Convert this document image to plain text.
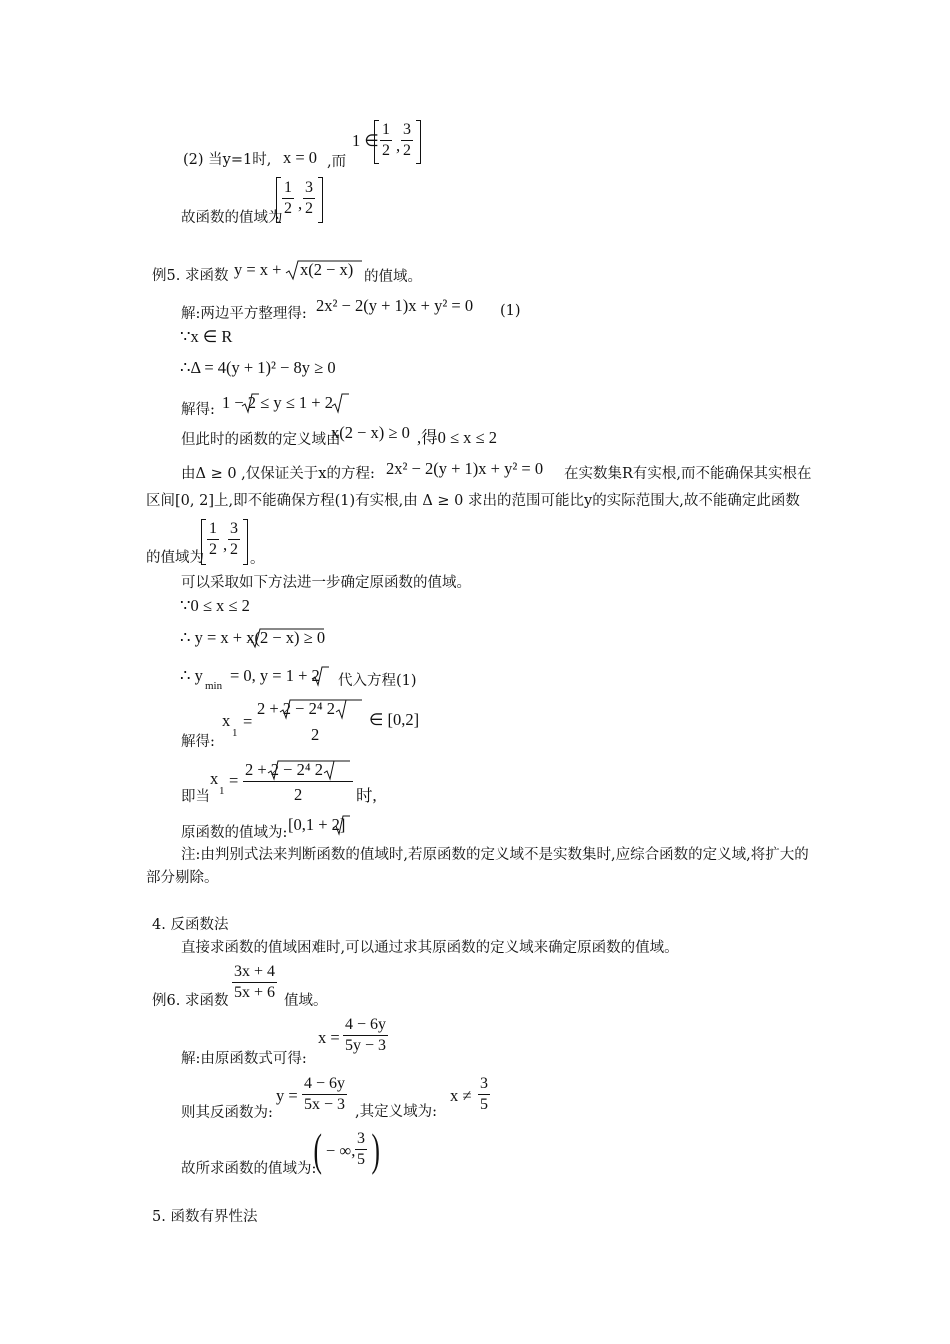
(2) 当y=1时, x = 0 ,而
1 ∈
1
2 ,
3
2
故函数的值域为
1
2 ,
3
2
例5. 求函数 y = x + x(2 − x) 的值域。
解:两边平方整理得: 2x² − 2(y + 1)x + y² = 0 (1)
∵x ∈ R
∴Δ = 4(y + 1)² − 8y ≥ 0
解得: 1 − 2 ≤ y ≤ 1 + 2
但此时的函数的定义域由
x(2 − x) ≥ 0 ,得0 ≤ x ≤ 2
由Δ ≥ 0 ,仅保证关于x的方程: 2x² − 2(y + 1)x + y² = 0 在实数集R有实根,而不能确保其实根在
区间[0, 2]上,即不能确保方程(1)有实根,由 Δ ≥ 0 求出的范围可能比y的实际范围大,故不能确定此函数
的值域为
1
2 ,
3
2
。
可以采取如下方法进一步确定原函数的值域。
∵0 ≤ x ≤ 2
∴ y = x + x(2 − x) ≥ 0
∴ y
min
= 0, y = 1 + 2 代入方程(1)
解得:
x
1
=
2 + 2 − 2⁴ 2
2
∈ [0,2]
即当
x
1
=
2 + 2 − 2⁴ 2
2	时,
原函数的值域为: [0,1 + 2]
注:由判别式法来判断函数的值域时,若原函数的定义域不是实数集时,应综合函数的定义域,将扩大的
部分剔除。
4. 反函数法
直接求函数的值域困难时,可以通过求其原函数的定义域来确定原函数的值域。
例6. 求函数
3x + 4
5x + 6 值域。
解:由原函数式可得:
x =
4 − 6y
5y − 3
则其反函数为:
y =
4 − 6y
5x − 3 ,其定义域为:
x ≠
3
5
故所求函数的值域为:
( − ∞,
3
5 )
5. 函数有界性法
